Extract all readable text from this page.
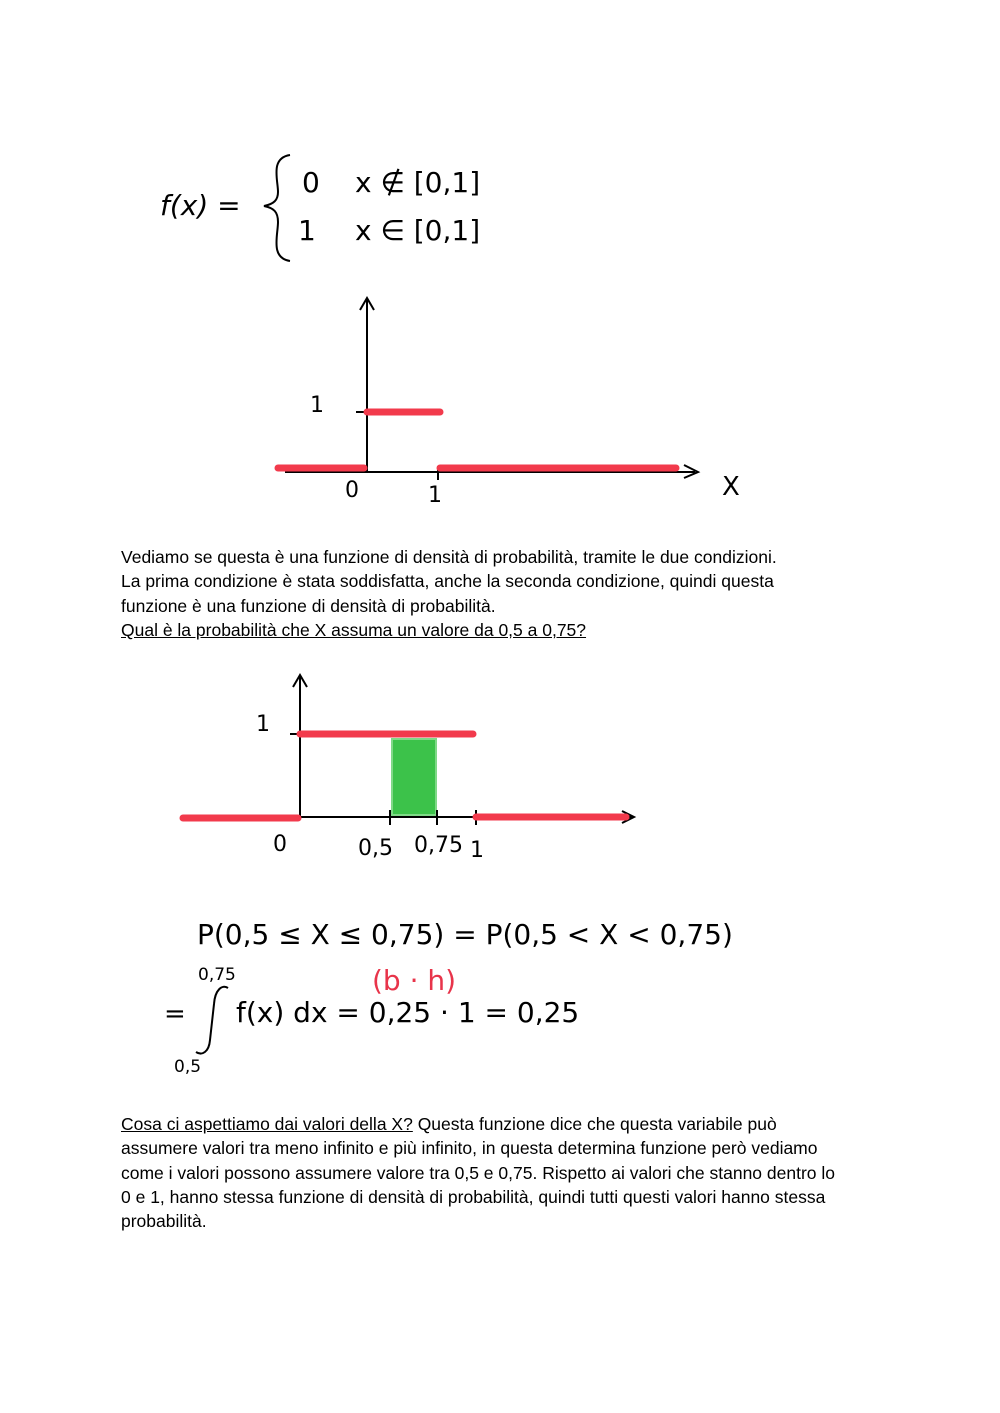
f(x) =
0 x ∉ [0,1]
1 x ∈ [0,1]
1
0	1	X
Vediamo se questa è una funzione di densità di probabilità, tramite le due condizioni.
La prima condizione è stata soddisfatta, anche la seconda condizione, quindi questa
funzione è una funzione di densità di probabilità.
Qual è la probabilità che X assuma un valore da 0,5 a 0,75?
1
0	0,5 0,75 1
P(0,5 ≤ X ≤ 0,75) = P(0,5 < X < 0,75)
(b · h)
0,75
= f(x) dx = 0,25 · 1 = 0,25
0,5
Cosa ci aspettiamo dai valori della X? Questa funzione dice che questa variabile può
assumere valori tra meno infinito e più infinito, in questa determina funzione però vediamo
come i valori possono assumere valore tra 0,5 e 0,75. Rispetto ai valori che stanno dentro lo
0 e 1, hanno stessa funzione di densità di probabilità, quindi tutti questi valori hanno stessa
probabilità.
